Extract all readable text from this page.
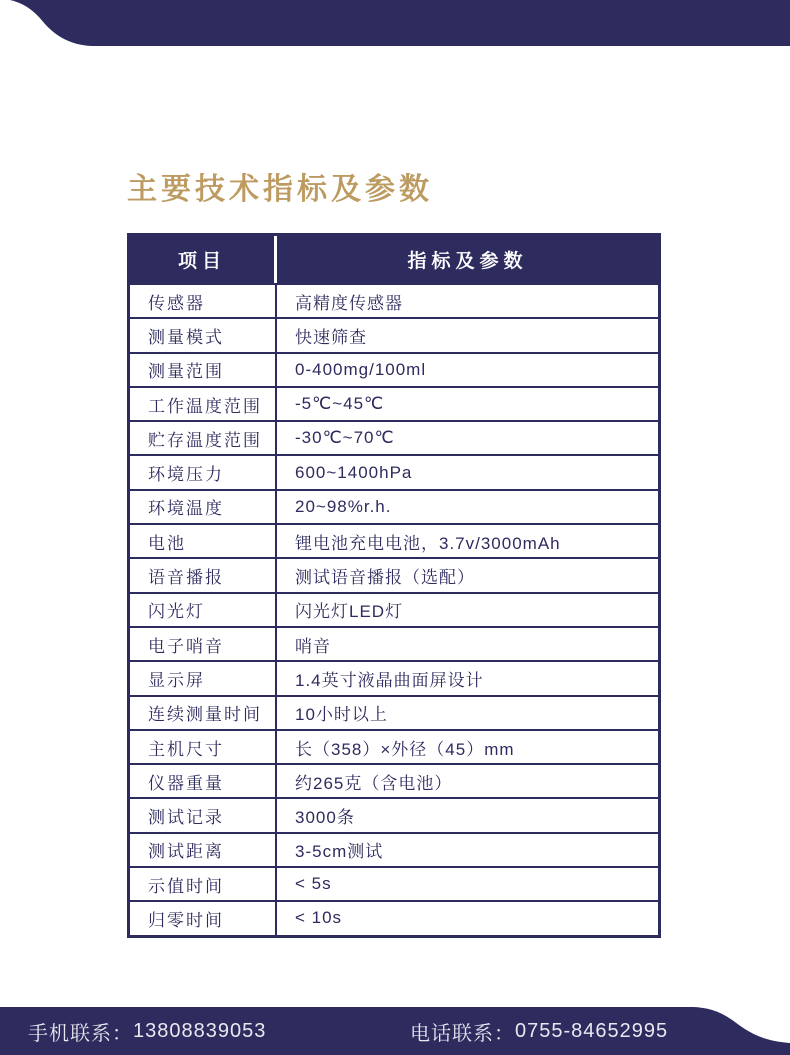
主要技术指标及参数
项目	指标及参数
传感器	高精度传感器
测量模式	快速筛查
测量范围	0-400mg/100ml
工作温度范围	-5℃~45℃
贮存温度范围	-30℃~70℃
环境压力	600~1400hPa
环境温度	20~98%r.h.
电池	锂电池充电电池，3.7v/3000mAh
语音播报	测试语音播报（选配）
闪光灯	闪光灯LED灯
电子哨音	哨音
显示屏	1.4英寸液晶曲面屏设计
连续测量时间	10小时以上
主机尺寸	长（358）×外径（45）mm
仪器重量	约265克（含电池）
测试记录	3000条
测试距离	3-5cm测试
示值时间	< 5s
归零时间	< 10s
手机联系： 13808839053	电话联系： 0755-84652995
